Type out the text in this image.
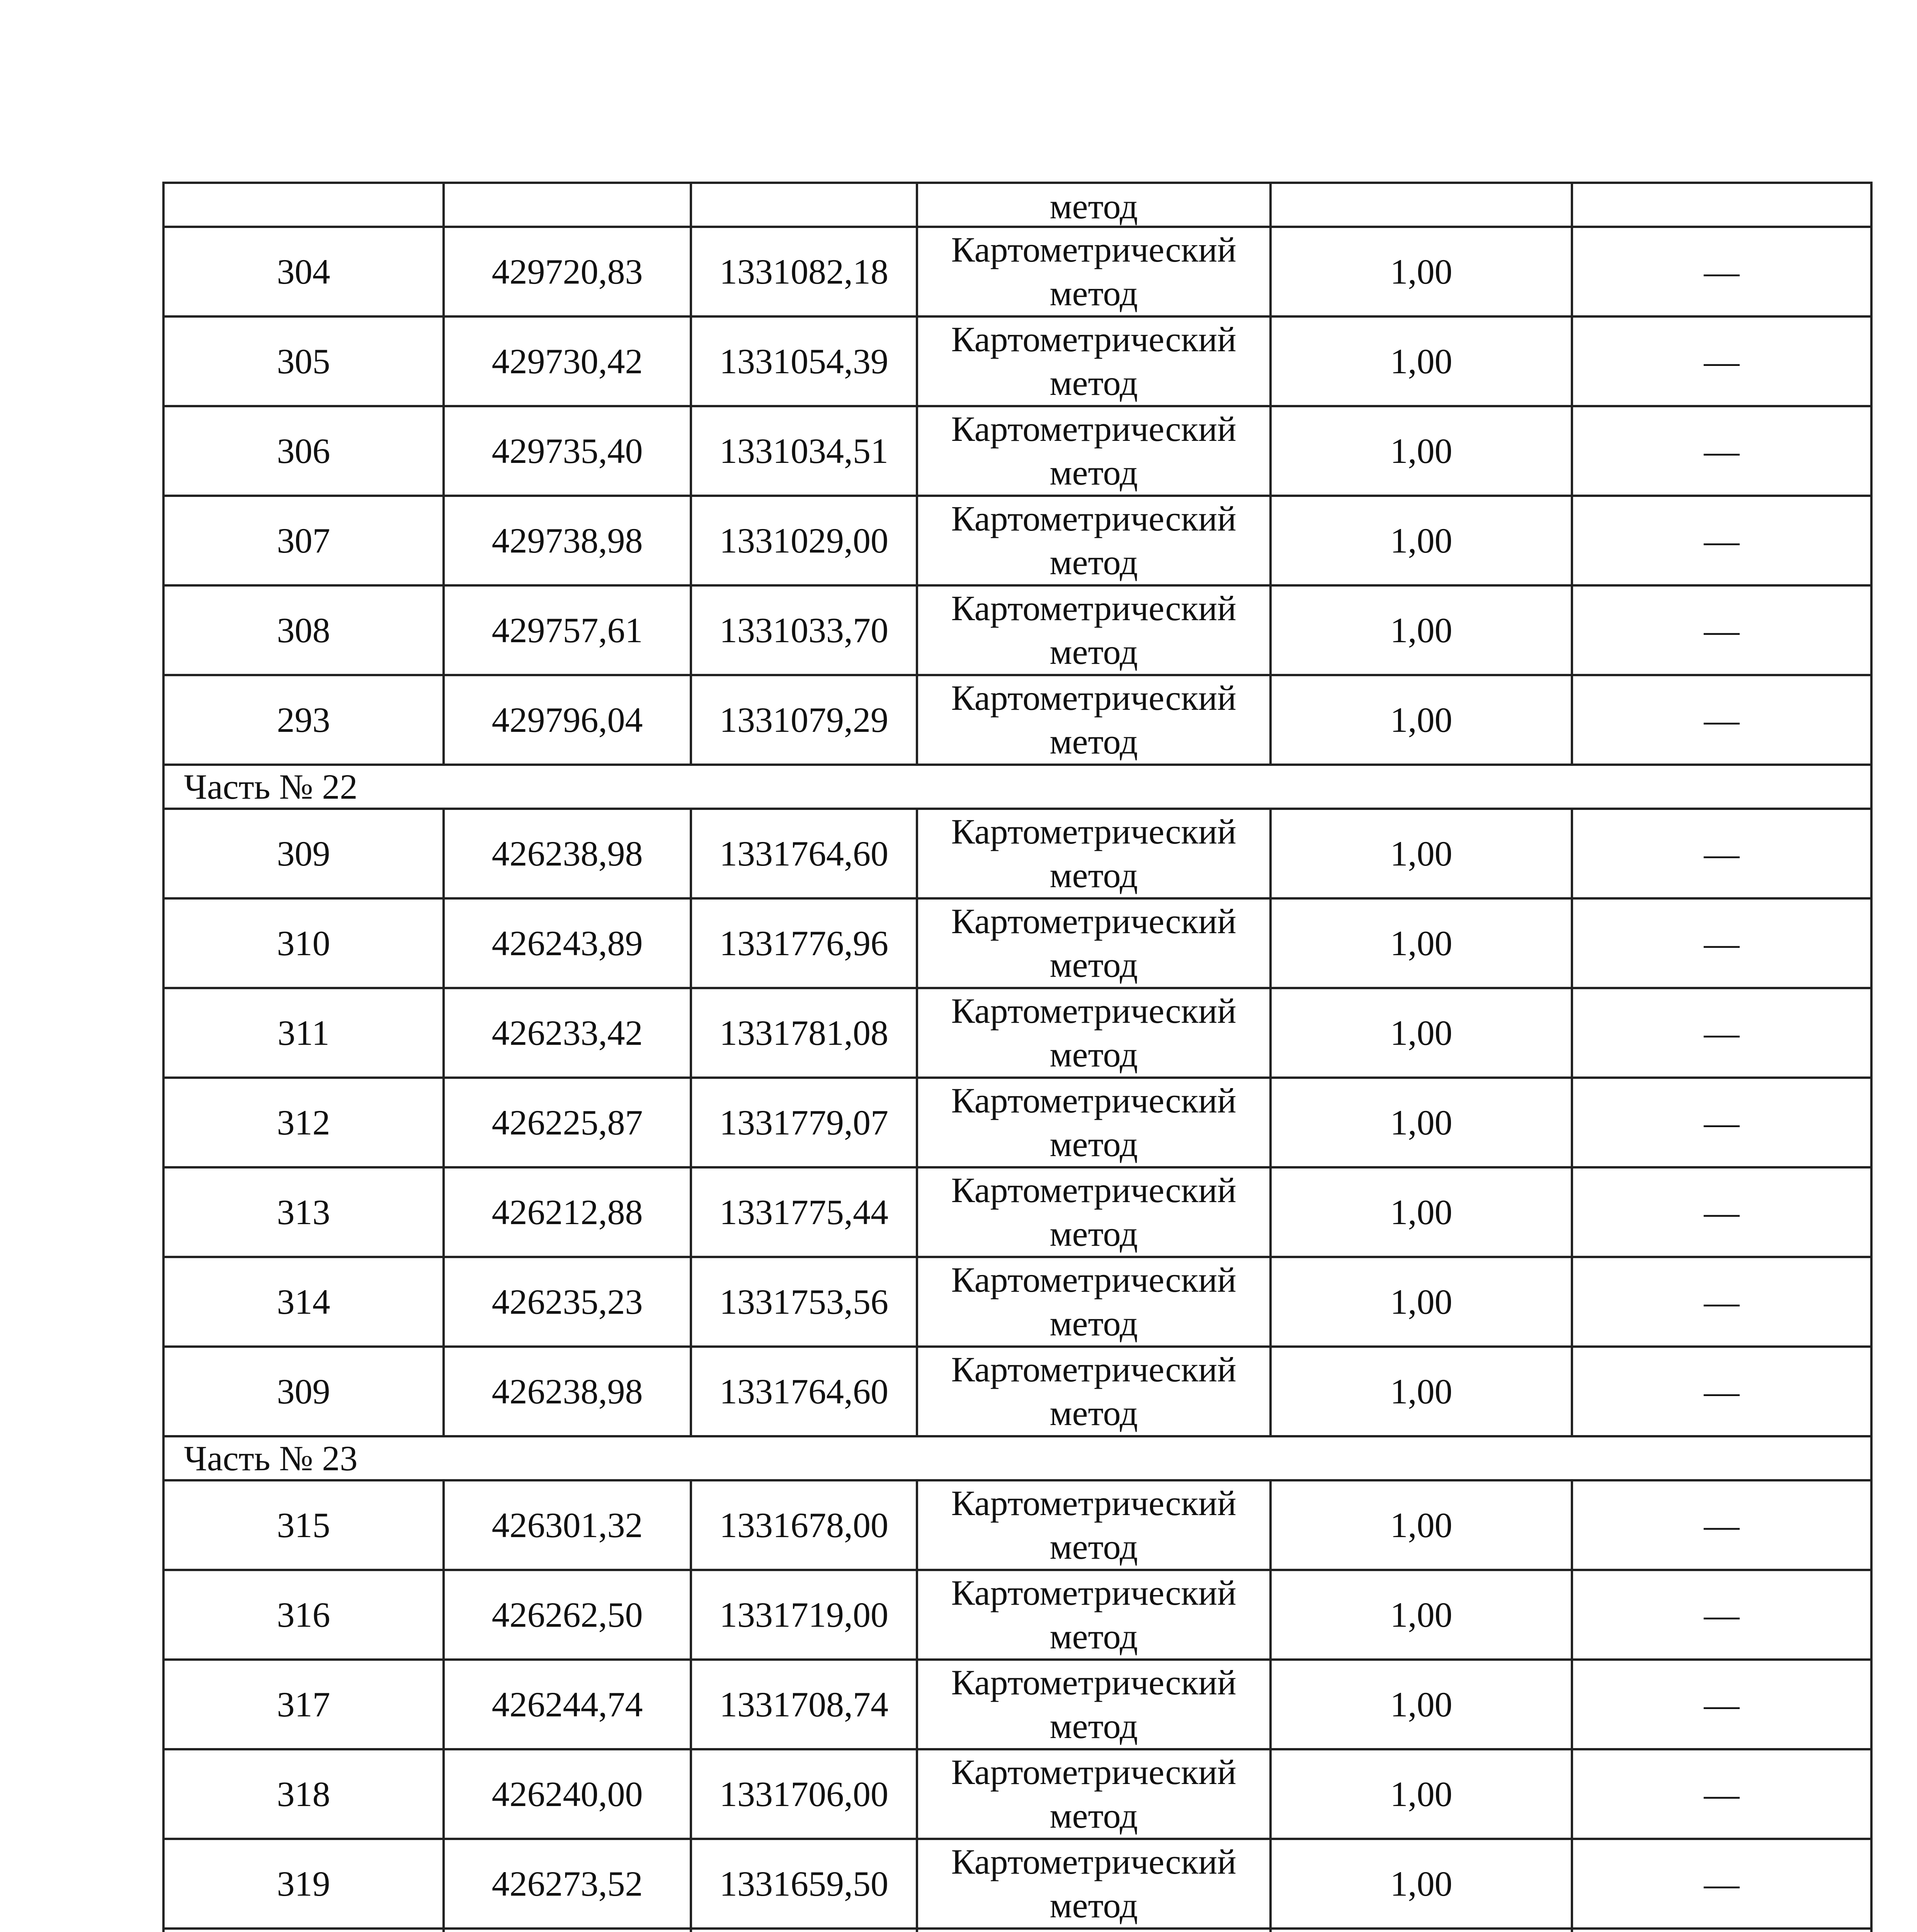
			метод		
304	429720,83	1331082,18	Картометрический
метод	1,00	—
305	429730,42	1331054,39	Картометрический
метод	1,00	—
306	429735,40	1331034,51	Картометрический
метод	1,00	—
307	429738,98	1331029,00	Картометрический
метод	1,00	—
308	429757,61	1331033,70	Картометрический
метод	1,00	—
293	429796,04	1331079,29	Картометрический
метод	1,00	—
Часть № 22					
309	426238,98	1331764,60	Картометрический
метод	1,00	—
310	426243,89	1331776,96	Картометрический
метод	1,00	—
311	426233,42	1331781,08	Картометрический
метод	1,00	—
312	426225,87	1331779,07	Картометрический
метод	1,00	—
313	426212,88	1331775,44	Картометрический
метод	1,00	—
314	426235,23	1331753,56	Картометрический
метод	1,00	—
309	426238,98	1331764,60	Картометрический
метод	1,00	—
Часть № 23					
315	426301,32	1331678,00	Картометрический
метод	1,00	—
316	426262,50	1331719,00	Картометрический
метод	1,00	—
317	426244,74	1331708,74	Картометрический
метод	1,00	—
318	426240,00	1331706,00	Картометрический
метод	1,00	—
319	426273,52	1331659,50	Картометрический
метод	1,00	—
